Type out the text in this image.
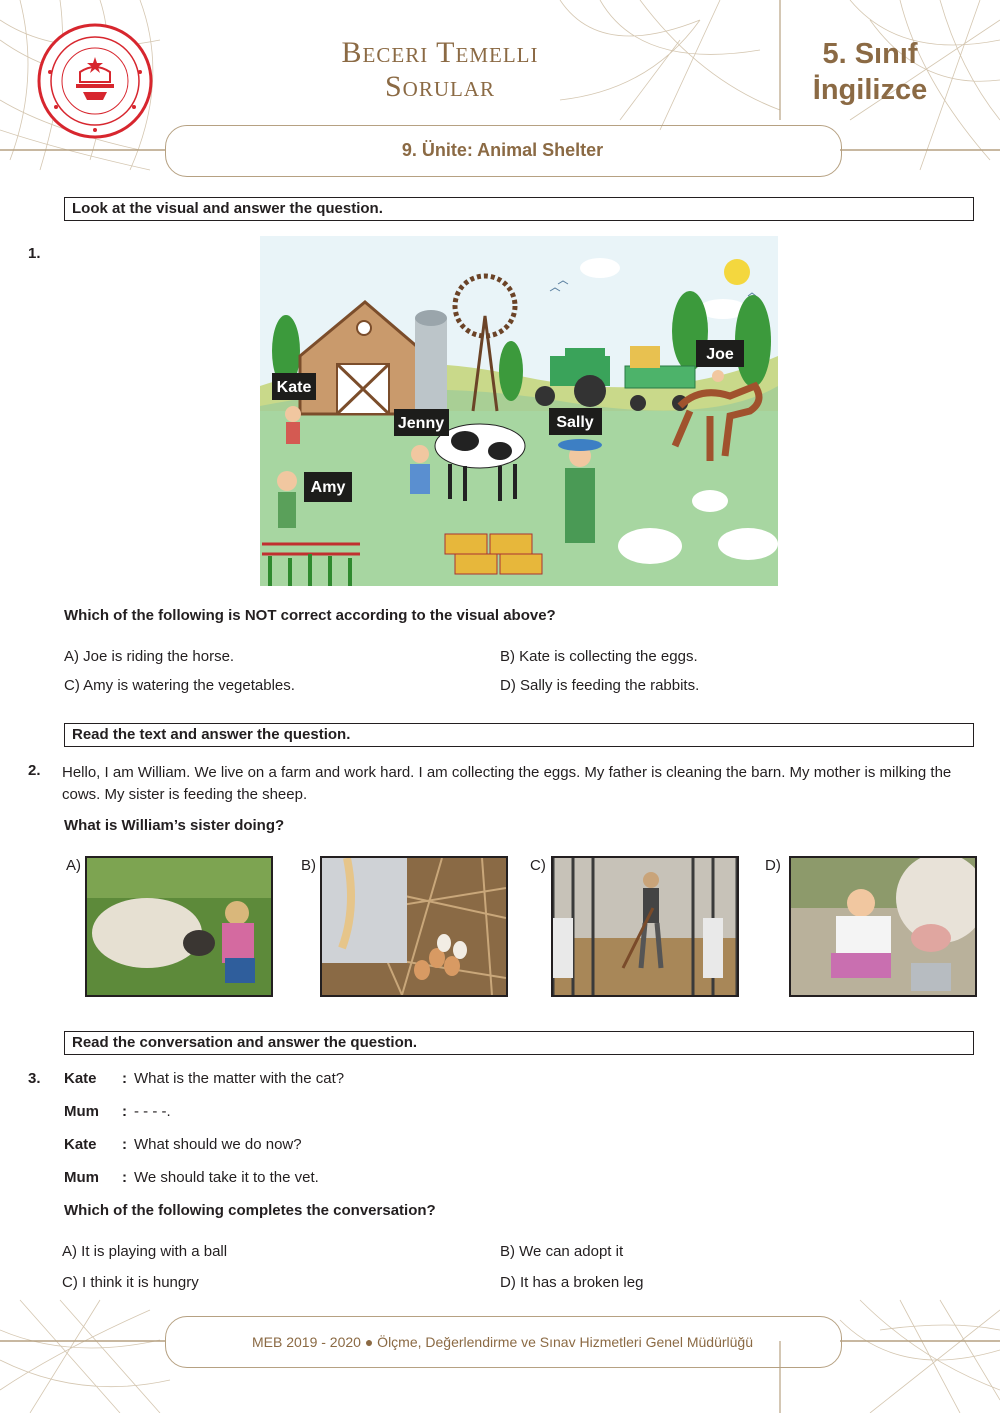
Beceri Temelli
Sorular
5. Sınıf
İngilizce
9. Ünite: Animal Shelter
Look at the visual and answer the question.
1.
Kate
Jenny	Sally
Joe
Amy
Which of the following is NOT correct according to the visual above?
A) Joe is riding the horse.	B) Kate is collecting the eggs.
C) Amy is watering the vegetables.	D) Sally is feeding the rabbits.
Read the text and answer the question.
2. Hello, I am William. We live on a farm and work hard. I am collecting the eggs. My father is cleaning the barn. My mother is milking the cows. My sister is feeding the sheep.
What is William’s sister doing?
A)	B)	C)	D)
Read the conversation and answer the question.
3. Kate : What is the matter with the cat?
Mum : - - - -.
Kate : What should we do now?
Mum : We should take it to the vet.
Which of the following completes the conversation?
A) It is playing with a ball	B) We can adopt it
C) I think it is hungry	D) It has a broken leg
MEB 2019 - 2020 ● Ölçme, Değerlendirme ve Sınav Hizmetleri Genel Müdürlüğü
